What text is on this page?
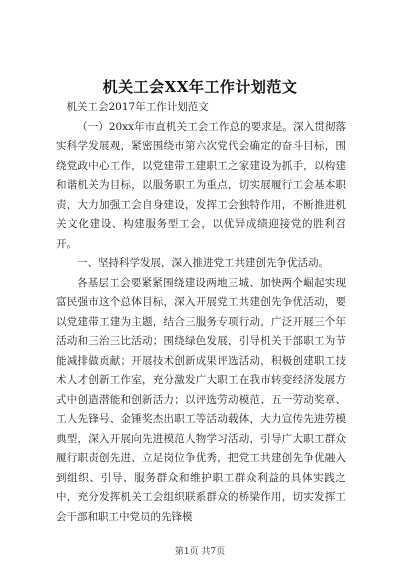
机关工会XX年工作计划范文

机关工会2017年工作计划范文

（一）20xx年市直机关工会工作总的要求是。深入贯彻落实科学发展观，紧密围绕市第六次党代会确定的奋斗目标，围绕党政中心工作，以党建带工建职工之家建设为抓手，以构建和谐机关为目标，以服务职工为重点，切实展履行工会基本职责，大力加强工会自身建设，发挥工会独特作用，不断推进机关文化建设、构建服务型工会，以优异成绩迎接党的胜利召开。

一、坚持科学发展，深入推进党工共建创先争优活动。

各基层工会要紧紧围绕建设两地三城、加快两个崛起实现富民强市这个总体目标，深入开展党工共建创先争优活动，要以党建带工建为主题，结合三服务专项行动，广泛开展三个年活动和三治三比活动；围绕绿色发展，引导机关干部职工为节能减排做贡献；开展技术创新成果评选活动，积极创建职工技术人才创新工作室，充分激发广大职工在我市转变经济发展方式中创造潜能和创新活力；以评选劳动模范、五一劳动奖章、工人先锋号、金锤奖杰出职工等活动载体，大力宣传先进劳模典型，深入开展向先进模范人物学习活动，引导广大职工群众履行职责创先进、立足岗位争优秀，把党工共建创先争优融入到组织、引导、服务群众和维护职工群众利益的具体实践之中，充分发挥机关工会组织联系群众的桥梁作用，切实发挥工会干部和职工中党员的先锋模

第1页 共7页
